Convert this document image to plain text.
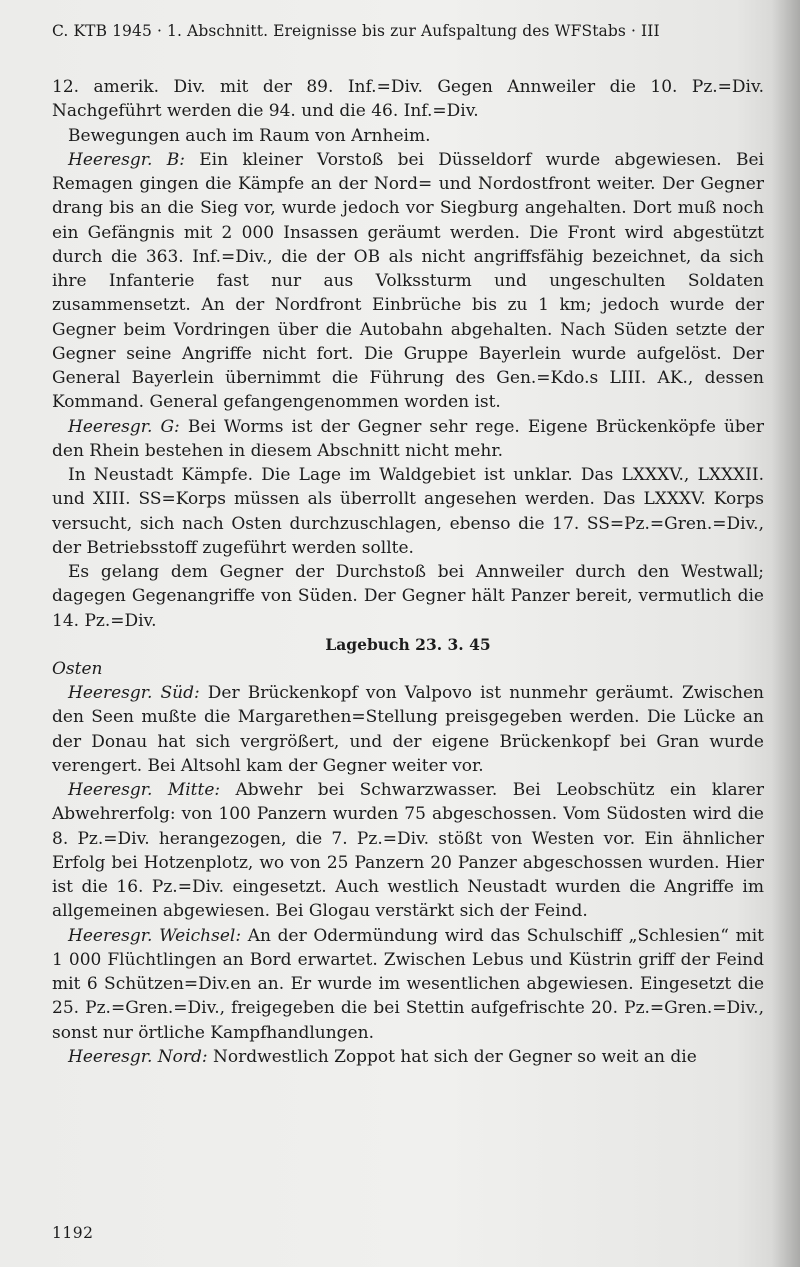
C. KTB 1945 · 1. Abschnitt. Ereignisse bis zur Aufspaltung des WFStabs · III

12. amerik. Div. mit der 89. Inf.=Div. Gegen Annweiler die 10. Pz.=Div. Nachgeführt werden die 94. und die 46. Inf.=Div.

Bewegungen auch im Raum von Arnheim.

Heeresgr. B: Ein kleiner Vorstoß bei Düsseldorf wurde abgewiesen. Bei Remagen gingen die Kämpfe an der Nord= und Nordostfront weiter. Der Gegner drang bis an die Sieg vor, wurde jedoch vor Siegburg angehalten. Dort muß noch ein Gefängnis mit 2 000 Insassen geräumt werden. Die Front wird abgestützt durch die 363. Inf.=Div., die der OB als nicht angriffsfähig bezeichnet, da sich ihre Infanterie fast nur aus Volkssturm und ungeschulten Soldaten zusammensetzt. An der Nordfront Einbrüche bis zu 1 km; jedoch wurde der Gegner beim Vordringen über die Autobahn abgehalten. Nach Süden setzte der Gegner seine Angriffe nicht fort. Die Gruppe Bayerlein wurde aufgelöst. Der General Bayerlein übernimmt die Führung des Gen.=Kdo.s LIII. AK., dessen Kommand. General gefangengenommen worden ist.

Heeresgr. G: Bei Worms ist der Gegner sehr rege. Eigene Brückenköpfe über den Rhein bestehen in diesem Abschnitt nicht mehr.

In Neustadt Kämpfe. Die Lage im Waldgebiet ist unklar. Das LXXXV., LXXXII. und XIII. SS=Korps müssen als überrollt angesehen werden. Das LXXXV. Korps versucht, sich nach Osten durchzuschlagen, ebenso die 17. SS=Pz.=Gren.=Div., der Betriebsstoff zugeführt werden sollte.

Es gelang dem Gegner der Durchstoß bei Annweiler durch den Westwall; dagegen Gegenangriffe von Süden. Der Gegner hält Panzer bereit, vermutlich die 14. Pz.=Div.

Lagebuch 23. 3. 45

Osten

Heeresgr. Süd: Der Brückenkopf von Valpovo ist nunmehr geräumt. Zwischen den Seen mußte die Margarethen=Stellung preisgegeben werden. Die Lücke an der Donau hat sich vergrößert, und der eigene Brückenkopf bei Gran wurde verengert. Bei Altsohl kam der Gegner weiter vor.

Heeresgr. Mitte: Abwehr bei Schwarzwasser. Bei Leobschütz ein klarer Abwehrerfolg: von 100 Panzern wurden 75 abgeschossen. Vom Südosten wird die 8. Pz.=Div. herangezogen, die 7. Pz.=Div. stößt von Westen vor. Ein ähnlicher Erfolg bei Hotzenplotz, wo von 25 Panzern 20 Panzer abgeschossen wurden. Hier ist die 16. Pz.=Div. eingesetzt. Auch westlich Neustadt wurden die Angriffe im allgemeinen abgewiesen. Bei Glogau verstärkt sich der Feind.

Heeresgr. Weichsel: An der Odermündung wird das Schulschiff „Schlesien“ mit 1 000 Flüchtlingen an Bord erwartet. Zwischen Lebus und Küstrin griff der Feind mit 6 Schützen=Div.en an. Er wurde im wesentlichen abgewiesen. Eingesetzt die 25. Pz.=Gren.=Div., freigegeben die bei Stettin aufgefrischte 20. Pz.=Gren.=Div., sonst nur örtliche Kampfhandlungen.

Heeresgr. Nord: Nordwestlich Zoppot hat sich der Gegner so weit an die

1192
